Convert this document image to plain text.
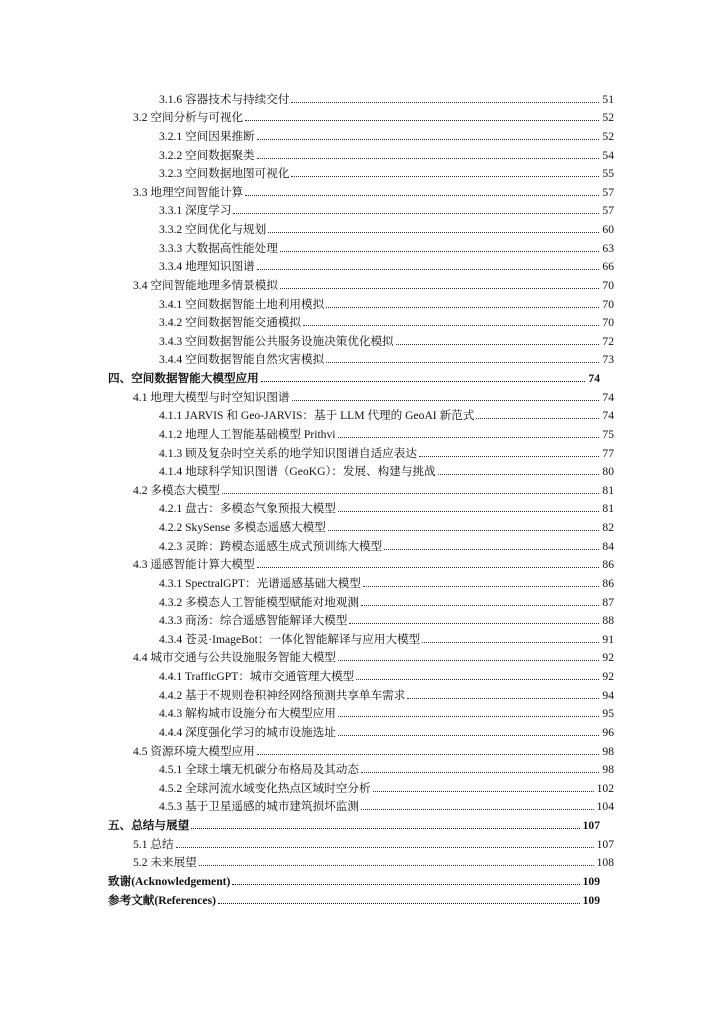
3.1.6 容器技术与持续交付	51
3.2 空间分析与可视化	52
3.2.1 空间因果推断	52
3.2.2 空间数据聚类	54
3.2.3 空间数据地图可视化	55
3.3 地理空间智能计算	57
3.3.1 深度学习	57
3.3.2 空间优化与规划	60
3.3.3 大数据高性能处理	63
3.3.4 地理知识图谱	66
3.4 空间智能地理多情景模拟	70
3.4.1 空间数据智能土地利用模拟	70
3.4.2 空间数据智能交通模拟	70
3.4.3 空间数据智能公共服务设施决策优化模拟	72
3.4.4 空间数据智能自然灾害模拟	73
四、空间数据智能大模型应用	74
4.1 地理大模型与时空知识图谱	74
4.1.1 JARVIS 和 Geo-JARVIS：基于 LLM 代理的 GeoAI 新范式	74
4.1.2 地理人工智能基础模型 Prithvi	75
4.1.3 顾及复杂时空关系的地学知识图谱自适应表达	77
4.1.4 地球科学知识图谱（GeoKG）：发展、构建与挑战	80
4.2 多模态大模型	81
4.2.1 盘古：多模态气象预报大模型	81
4.2.2 SkySense 多模态遥感大模型	82
4.2.3 灵眸：跨模态遥感生成式预训练大模型	84
4.3 遥感智能计算大模型	86
4.3.1 SpectralGPT：光谱遥感基础大模型	86
4.3.2 多模态人工智能模型赋能对地观测	87
4.3.3 商汤：综合遥感智能解译大模型	88
4.3.4 苍灵·ImageBot：一体化智能解译与应用大模型	91
4.4 城市交通与公共设施服务智能大模型	92
4.4.1 TrafficGPT：城市交通管理大模型	92
4.4.2 基于不规则卷积神经网络预测共享单车需求	94
4.4.3 解构城市设施分布大模型应用	95
4.4.4 深度强化学习的城市设施选址	96
4.5 资源环境大模型应用	98
4.5.1 全球土壤无机碳分布格局及其动态	98
4.5.2 全球河流水域变化热点区域时空分析	102
4.5.3 基于卫星遥感的城市建筑损坏监测	104
五、总结与展望	107
5.1 总结	107
5.2 未来展望	108
致谢(Acknowledgement)	109
参考文献(References)	109
